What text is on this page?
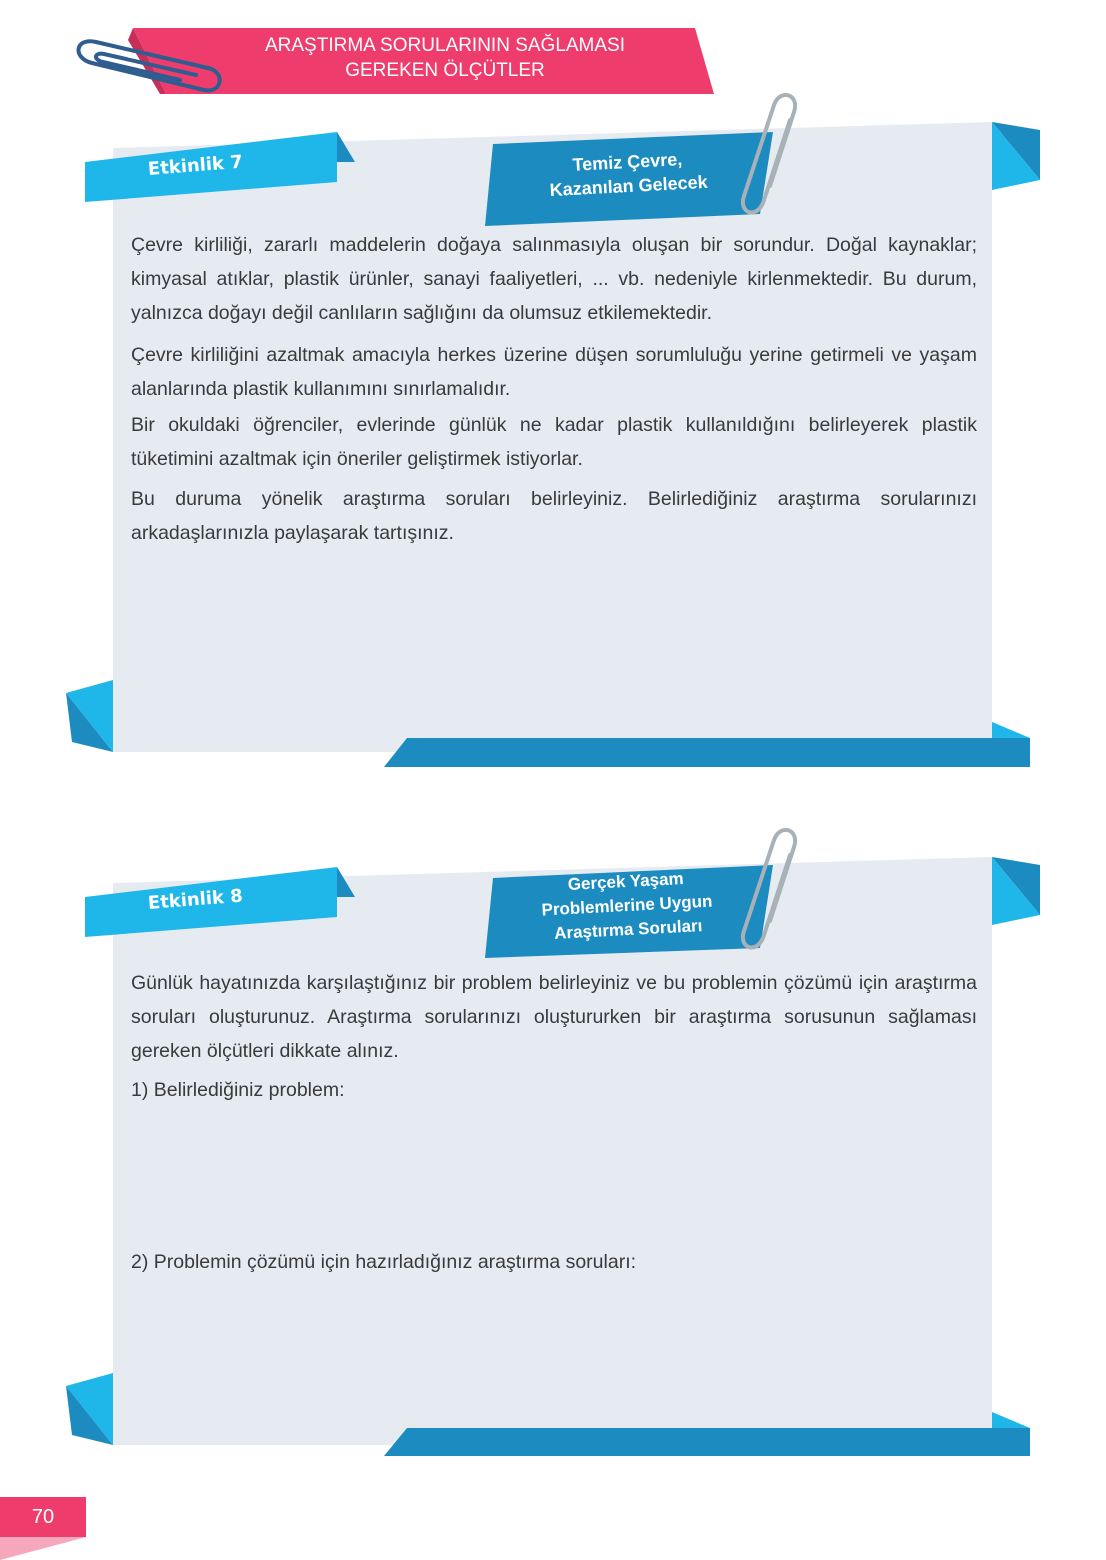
ARAŞTIRMA SORULARININ SAĞLAMASI
GEREKEN ÖLÇÜTLER
Etkinlik 7	Temiz Çevre,
Kazanılan Gelecek

Çevre kirliliği, zararlı maddelerin doğaya salınmasıyla oluşan bir sorundur. Doğal kaynaklar; kimyasal atıklar, plastik ürünler, sanayi faaliyetleri, ... vb. nedeniyle kirlenmektedir. Bu durum, yalnızca doğayı değil canlıların sağlığını da olumsuz etkilemektedir.

Çevre kirliliğini azaltmak amacıyla herkes üzerine düşen sorumluluğu yerine getirmeli ve yaşam alanlarında plastik kullanımını sınırlamalıdır.

Bir okuldaki öğrenciler, evlerinde günlük ne kadar plastik kullanıldığını belirleyerek plastik tüketimini azaltmak için öneriler geliştirmek istiyorlar.

Bu duruma yönelik araştırma soruları belirleyiniz. Belirlediğiniz araştırma sorularınızı arkadaşlarınızla paylaşarak tartışınız.

Etkinlik 8
Gerçek Yaşam
Problemlerine Uygun
Araştırma Soruları

Günlük hayatınızda karşılaştığınız bir problem belirleyiniz ve bu problemin çözümü için araştırma soruları oluşturunuz. Araştırma sorularınızı oluştururken bir araştırma sorusunun sağlaması gereken ölçütleri dikkate alınız.

1) Belirlediğiniz problem:

2) Problemin çözümü için hazırladığınız araştırma soruları:

70
